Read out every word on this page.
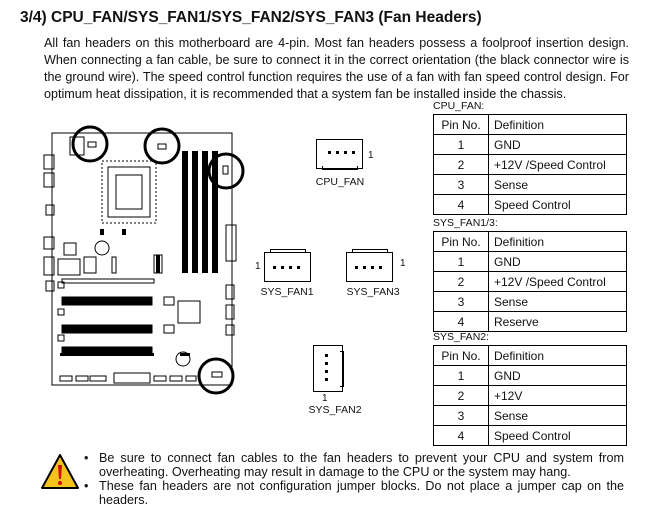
3/4) CPU_FAN/SYS_FAN1/SYS_FAN2/SYS_FAN3 (Fan Headers)
All fan headers on this motherboard are 4-pin. Most fan headers possess a foolproof insertion design. When connecting a fan cable, be sure to connect it in the correct orientation (the black connector wire is the ground wire). The speed control function requires the use of a fan with fan speed control design. For optimum heat dissipation, it is recommended that a system fan be installed inside the chassis.
1
CPU_FAN
1
SYS_FAN1
1
SYS_FAN3
1
SYS_FAN2
CPU_FAN:
Pin No.	Definition
1	GND
2	+12V /Speed Control
3	Sense
4	Speed Control
SYS_FAN1/3:
Pin No.	Definition
1	GND
2	+12V /Speed Control
3	Sense
4	Reserve
SYS_FAN2:
Pin No.	Definition
1	GND
2	+12V
3	Sense
4	Speed Control
• Be sure to connect fan cables to the fan headers to prevent your CPU and system from overheating. Overheating may result in damage to the CPU or the system may hang.
• These fan headers are not configuration jumper blocks. Do not place a jumper cap on the headers.
